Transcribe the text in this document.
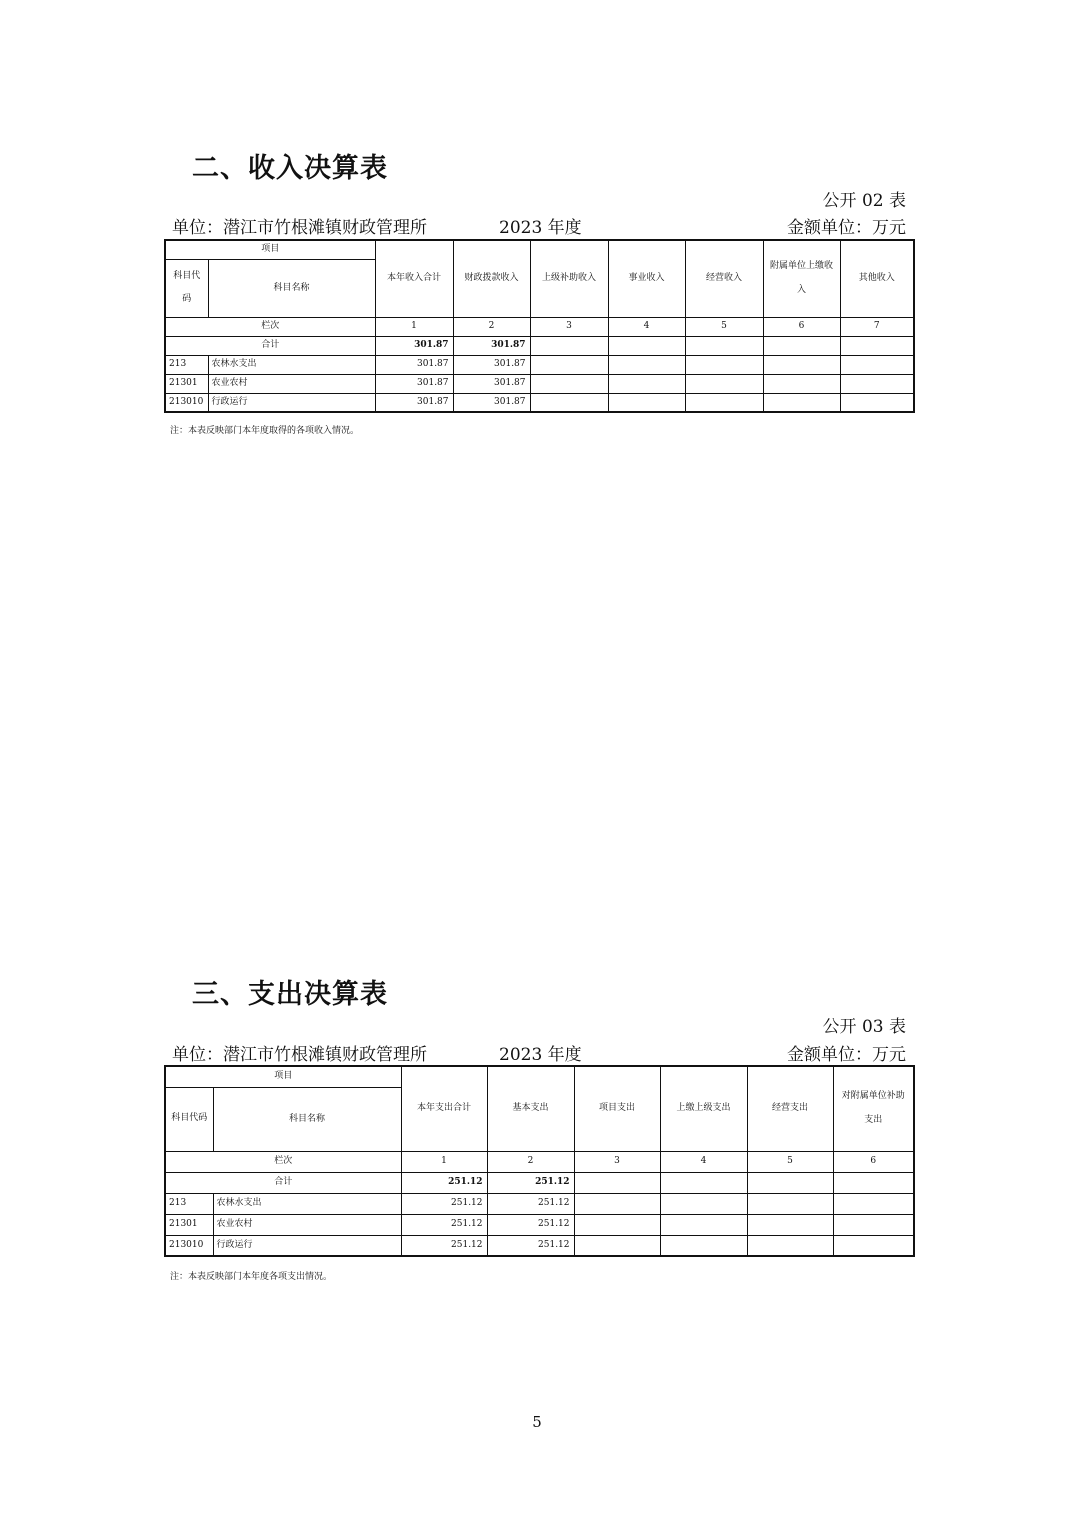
二、收入决算表
公开 02 表
单位：潜江市竹根滩镇财政管理所	2023 年度	金额单位：万元
项目		本年收入合计	财政拨款收入	上级补助收入	事业收入	经营收入	附属单位上缴收入	其他收入
科目代码	科目名称							
栏次		1	2	3	4	5	6	7
合计		301.87	301.87					
213	农林水支出	301.87	301.87					
21301	农业农村	301.87	301.87					
213010	行政运行	301.87	301.87					
注：本表反映部门本年度取得的各项收入情况。
三、支出决算表
公开 03 表
单位：潜江市竹根滩镇财政管理所	2023 年度	金额单位：万元
项目		本年支出合计	基本支出	项目支出	上缴上级支出	经营支出	对附属单位补助支出
科目代码	科目名称						
栏次		1	2	3	4	5	6
合计		251.12	251.12				
213	农林水支出	251.12	251.12				
21301	农业农村	251.12	251.12				
213010	行政运行	251.12	251.12				
注：本表反映部门本年度各项支出情况。
5
